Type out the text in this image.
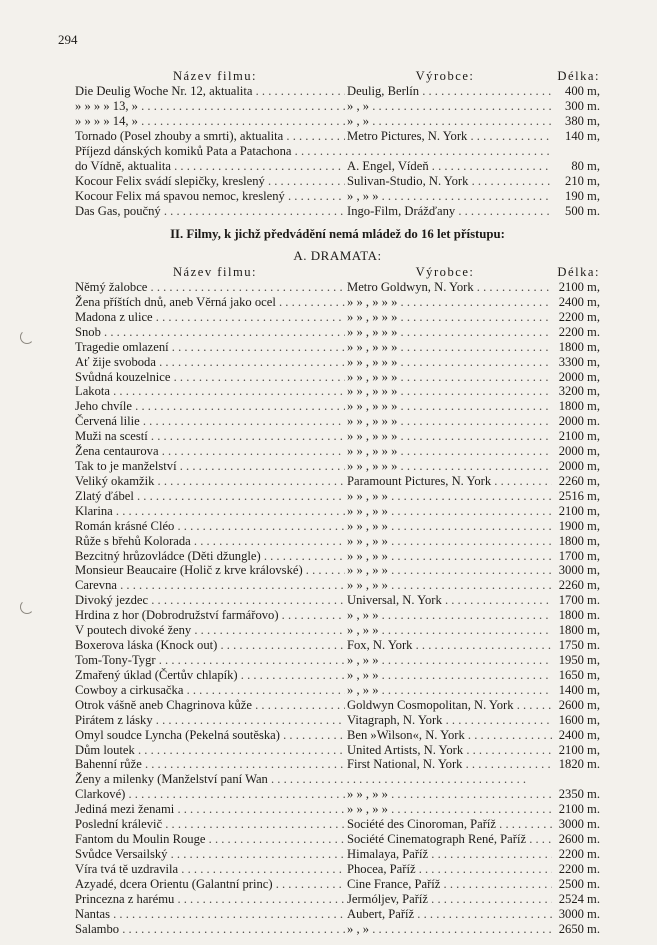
294
Název filmu:	Výrobce:	Délka:
Die Deulig Woche Nr. 12, aktualita . . .	Deulig, Berlín . . .	400 m,
» » » » 13, » . . .	» , » . . .	300 m.
» » » » 14, » . . .	» , » . . .	380 m,
Tornado (Posel zhouby a smrti), aktualita . . .	Metro Pictures, N. York . . .	140 m,
Příjezd dánských komiků Pata a Patachona . . .
do Vídně, aktualita . . .	A. Engel, Vídeň . . .	80 m,
Kocour Felix svádí slepičky, kreslený . . .	Sulivan-Studio, N. York . . .	210 m,
Kocour Felix má spavou nemoc, kreslený . . .	» , » » . . .	190 m,
Das Gas, poučný . . .	Ingo-Film, Drážďany . . .	500 m.
II. Filmy, k jichž předvádění nemá mládež do 16 let přístupu:
A. DRAMATA:
Název filmu:	Výrobce:	Délka:
Němý žalobce . . .	Metro Goldwyn, N. York . . .	2100 m,
Žena příštích dnů, aneb Věrná jako ocel . . .	» » , » » » . . .	2400 m,
Madona z ulice . . .	» » , » » » . . .	2200 m,
Snob . . .	» » , » » » . . .	2200 m.
Tragedie omlazení . . .	» » , » » » . . .	1800 m,
Ať žije svoboda . . .	» » , » » » . . .	3300 m,
Svůdná kouzelnice . . .	» » , » » » . . .	2000 m,
Lakota . . .	» » , » » » . . .	3200 m,
Jeho chvíle . . .	» » , » » » . . .	1800 m,
Červená lilie . . .	» » , » » » . . .	2000 m.
Muži na scestí . . .	» » , » » » . . .	2100 m,
Žena centaurova . . .	» » , » » » . . .	2000 m,
Tak to je manželství . . .	» » , » » » . . .	2000 m,
Veliký okamžik . . .	Paramount Pictures, N. York . . .	2260 m,
Zlatý ďábel . . .	» » , » » . . .	2516 m,
Klarina . . .	» » , » » . . .	2100 m,
Román krásné Cléo . . .	» » , » » . . .	1900 m,
Růže s břehů Kolorada . . .	» » , » » . . .	1800 m,
Bezcitný hrůzovládce (Děti džungle) . . .	» » , » » . . .	1700 m,
Monsieur Beaucaire (Holič z krve královské) . . .	» » , » » . . .	3000 m,
Carevna . . .	» » , » » . . .	2260 m,
Divoký jezdec . . .	Universal, N. York . . .	1700 m.
Hrdina z hor (Dobrodružství farmářovo) . . .	» , » » . . .	1800 m.
V poutech divoké ženy . . .	» , » » . . .	1800 m,
Boxerova láska (Knock out) . . .	Fox, N. York . . .	1750 m.
Tom-Tony-Tygr . . .	» , » » . . .	1950 m,
Zmařený úklad (Čertův chlapík) . . .	» , » » . . .	1650 m,
Cowboy a cirkusačka . . .	» , » » . . .	1400 m,
Otrok vášně aneb Chagrinova kůže . . .	Goldwyn Cosmopolitan, N. York . . .	2600 m,
Pirátem z lásky . . .	Vitagraph, N. York . . .	1600 m,
Omyl soudce Lyncha (Pekelná soutěska) . . .	Ben »Wilson«, N. York . . .	2400 m,
Dům loutek . . .	United Artists, N. York . . .	2100 m,
Bahenní růže . . .	First National, N. York . . .	1820 m.
Ženy a milenky (Manželství paní Wan . . .
Clarkové) . . .	» » , » » . . .	2350 m.
Jediná mezi ženami . . .	» » , » » . . .	2100 m.
Poslední králevič . . .	Société des Cinoroman, Paříž . . .	3000 m.
Fantom du Moulin Rouge . . .	Société Cinematograph René, Paříž . . .	2600 m.
Svůdce Versailský . . .	Himalaya, Paříž . . .	2200 m.
Víra tvá tě uzdravila . . .	Phocea, Paříž . . .	2200 m.
Azyadé, dcera Orientu (Galantní princ) . . .	Cine France, Paříž . . .	2500 m.
Princezna z harému . . .	Jermóljev, Paříž . . .	2524 m.
Nantas . . .	Aubert, Paříž . . .	3000 m.
Salambo . . .	» , » . . .	2650 m.
